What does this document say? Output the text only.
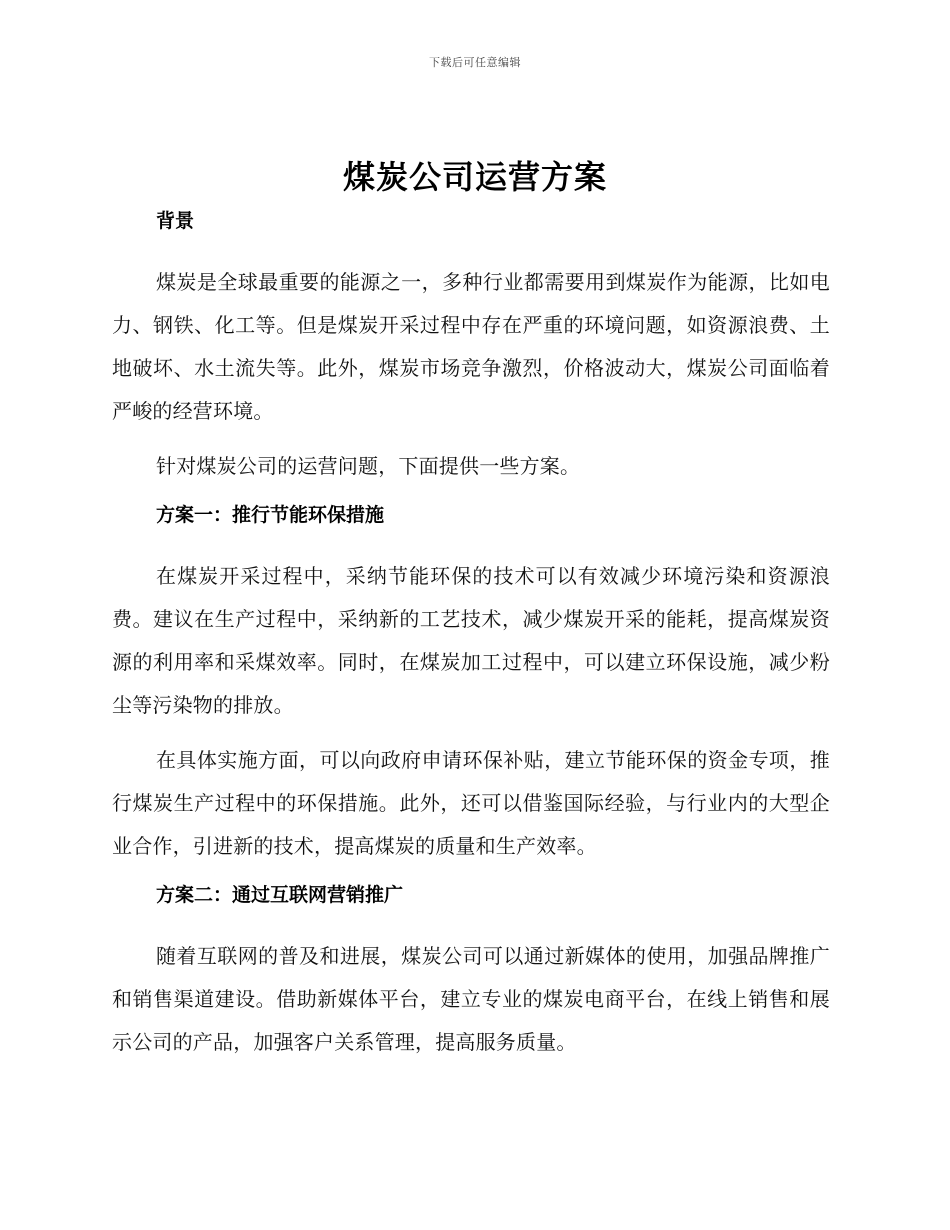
下载后可任意编辑
煤炭公司运营方案
背景
煤炭是全球最重要的能源之一，多种行业都需要用到煤炭作为能源，比如电力、钢铁、化工等。但是煤炭开采过程中存在严重的环境问题，如资源浪费、土地破坏、水土流失等。此外，煤炭市场竞争激烈，价格波动大，煤炭公司面临着严峻的经营环境。
针对煤炭公司的运营问题，下面提供一些方案。
方案一：推行节能环保措施
在煤炭开采过程中，采纳节能环保的技术可以有效减少环境污染和资源浪费。建议在生产过程中，采纳新的工艺技术，减少煤炭开采的能耗，提高煤炭资源的利用率和采煤效率。同时，在煤炭加工过程中，可以建立环保设施，减少粉尘等污染物的排放。
在具体实施方面，可以向政府申请环保补贴，建立节能环保的资金专项，推行煤炭生产过程中的环保措施。此外，还可以借鉴国际经验，与行业内的大型企业合作，引进新的技术，提高煤炭的质量和生产效率。
方案二：通过互联网营销推广
随着互联网的普及和进展，煤炭公司可以通过新媒体的使用，加强品牌推广和销售渠道建设。借助新媒体平台，建立专业的煤炭电商平台，在线上销售和展示公司的产品，加强客户关系管理，提高服务质量。
